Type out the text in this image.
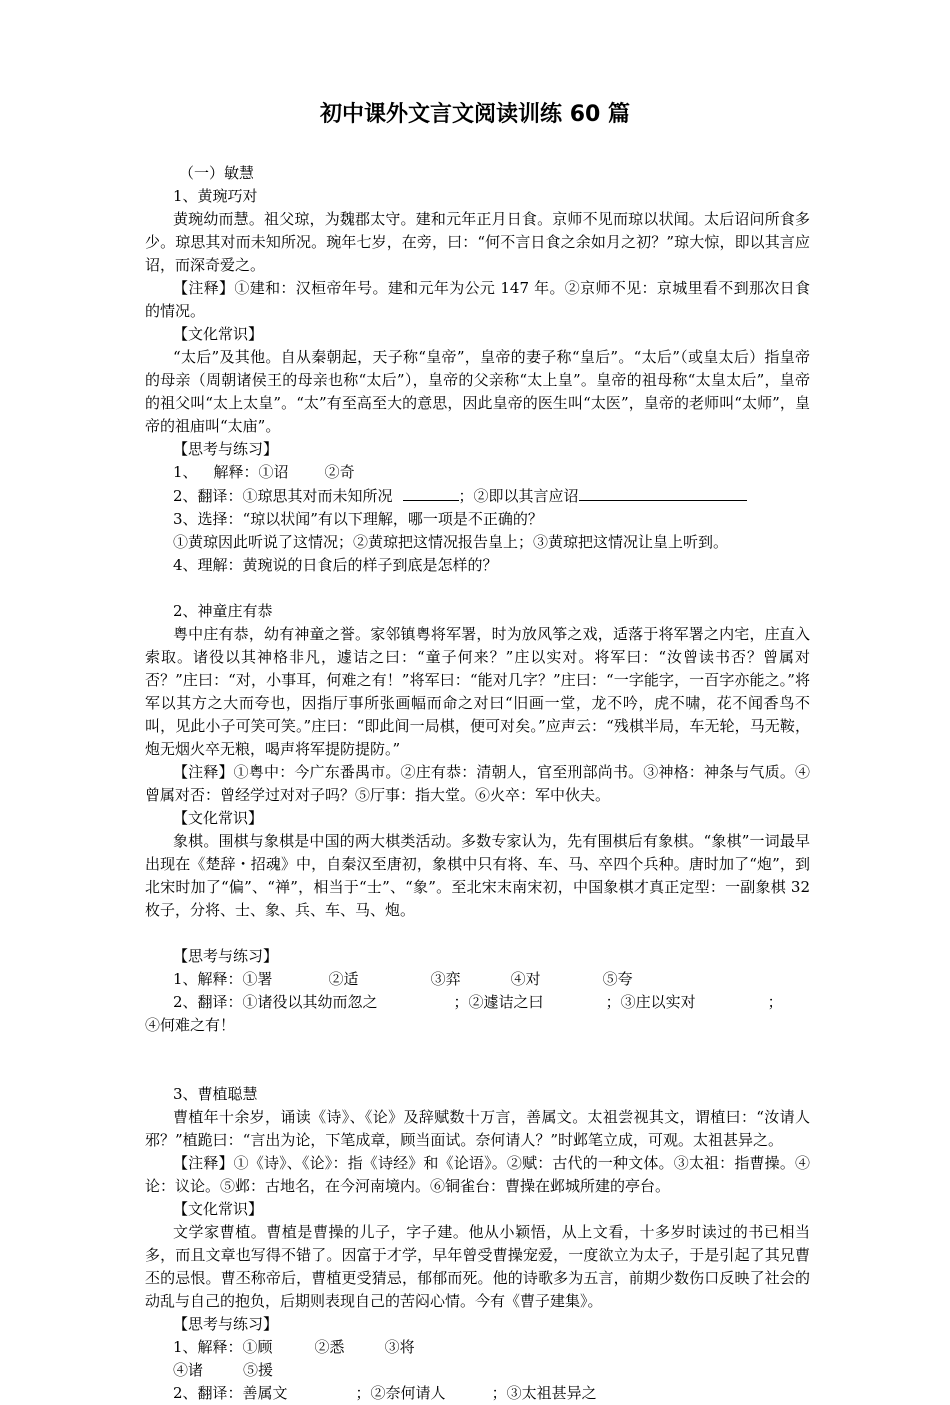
初中课外文言文阅读训练 60 篇

（一）敏慧

1、黄琬巧对

黄琬幼而慧。祖父琼，为魏郡太守。建和元年正月日食。京师不见而琼以状闻。太后诏问所食多少。琼思其对而未知所况。琬年七岁，在旁，曰：“何不言日食之余如月之初？”琼大惊，即以其言应诏，而深奇爱之。

【注释】①建和：汉桓帝年号。建和元年为公元 147 年。②京师不见：京城里看不到那次日食的情况。

【文化常识】

“太后”及其他。自从秦朝起，天子称“皇帝”，皇帝的妻子称“皇后”。“太后”（或皇太后）指皇帝的母亲（周朝诸侯王的母亲也称“太后”），皇帝的父亲称“太上皇”。皇帝的祖母称“太皇太后”，皇帝的祖父叫“太上太皇”。“太”有至高至大的意思，因此皇帝的医生叫“太医”，皇帝的老师叫“太师”，皇帝的祖庙叫“太庙”。

【思考与练习】

1、 解释：①诏 ②奇

2、翻译：①琼思其对而未知所况	；②即以其言应诏

3、选择：“琼以状闻”有以下理解，哪一项是不正确的？

①黄琼因此听说了这情况；②黄琼把这情况报告皇上；③黄琼把这情况让皇上听到。

4、理解：黄琬说的日食后的样子到底是怎样的？

2、神童庄有恭

粤中庄有恭，幼有神童之誉。家邻镇粤将军署，时为放风筝之戏，适落于将军署之内宅，庄直入索取。诸役以其神格非凡，遽诘之曰：“童子何来？”庄以实对。将军曰：“汝曾读书否？曾属对否？”庄曰：“对，小事耳，何难之有！”将军曰：“能对几字？”庄曰：“一字能字，一百字亦能之。”将军以其方之大而夸也，因指厅事所张画幅而命之对曰“旧画一堂，龙不吟，虎不啸，花不闻香鸟不叫，见此小子可笑可笑。”庄曰：“即此间一局棋，便可对矣。”应声云：“残棋半局，车无轮，马无鞍，炮无烟火卒无粮，喝声将军提防提防。”

【注释】①粤中：今广东番禺市。②庄有恭：清朝人，官至刑部尚书。③神格：神条与气质。④曾属对否：曾经学过对对子吗？⑤厅事：指大堂。⑥火卒：军中伙夫。

【文化常识】

象棋。围棋与象棋是中国的两大棋类活动。多数专家认为，先有围棋后有象棋。“象棋”一词最早出现在《楚辞・招魂》中，自秦汉至唐初，象棋中只有将、车、马、卒四个兵种。唐时加了“炮”，到北宋时加了“偏”、“禅”，相当于“士”、“象”。至北宋末南宋初，中国象棋才真正定型：一副象棋 32 枚子，分将、士、象、兵、车、马、炮。

【思考与练习】

1、解释：①署	②适	③弈	④对	⑤夸

2、翻译：①诸役以其幼而忽之	；②遽诘之曰	；③庄以实对	；

④何难之有！

3、曹植聪慧

曹植年十余岁，诵读《诗》、《论》及辞赋数十万言，善属文。太祖尝视其文，谓植曰：“汝请人邪？”植跪曰：“言出为论，下笔成章，顾当面试。奈何请人？”时邺笔立成，可观。太祖甚异之。

【注释】①《诗》、《论》：指《诗经》和《论语》。②赋：古代的一种文体。③太祖：指曹操。④论：议论。⑤邺：古地名，在今河南境内。⑥铜雀台：曹操在邺城所建的亭台。

【文化常识】

文学家曹植。曹植是曹操的儿子，字子建。他从小颖悟，从上文看，十多岁时读过的书已相当多，而且文章也写得不错了。因富于才学，早年曾受曹操宠爱，一度欲立为太子，于是引起了其兄曹丕的忌恨。曹丕称帝后，曹植更受猜忌，郁郁而死。他的诗歌多为五言，前期少数伤口反映了社会的动乱与自己的抱负，后期则表现自己的苦闷心情。今有《曹子建集》。

【思考与练习】

1、解释：①顾	②悉	③将

④诸	⑤援

2、翻译：善属文	；②奈何请人	；③太祖甚异之
